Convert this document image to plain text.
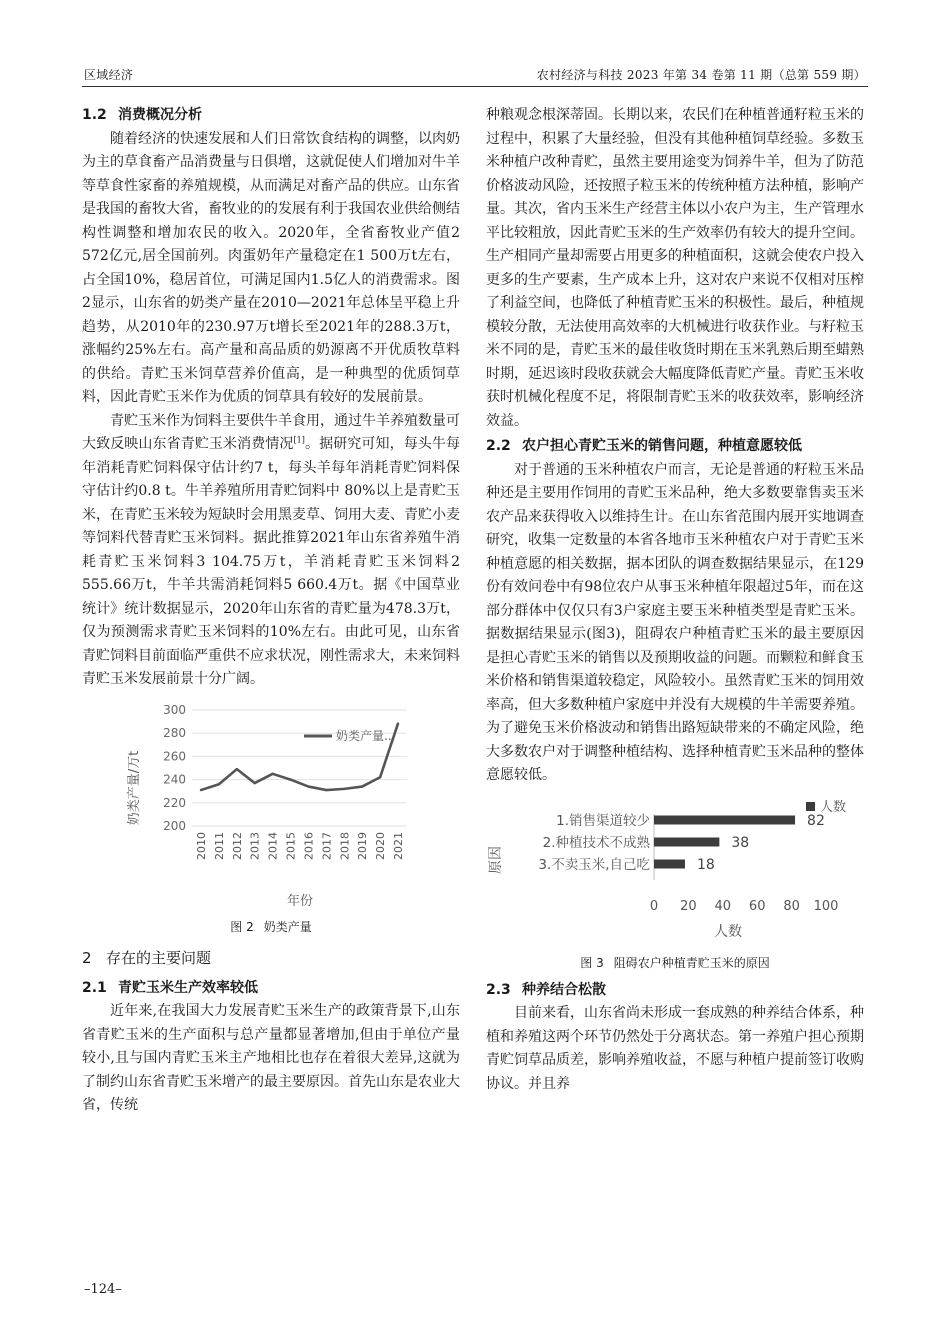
区域经济	农村经济与科技 2023 年第 34 卷第 11 期（总第 559 期）
1.2 消费概况分析

随着经济的快速发展和人们日常饮食结构的调整，以肉奶为主的草食畜产品消费量与日俱增，这就促使人们增加对牛羊等草食性家畜的养殖规模，从而满足对畜产品的供应。山东省是我国的畜牧大省，畜牧业的的发展有利于我国农业供给侧结构性调整和增加农民的收入。2020年，全省畜牧业产值2 572亿元,居全国前列。肉蛋奶年产量稳定在1 500万t左右，占全国10%，稳居首位，可满足国内1.5亿人的消费需求。图 2显示，山东省的奶类产量在2010—2021年总体呈平稳上升趋势，从2010年的230.97万t增长至2021年的288.3万t，涨幅约25%左右。高产量和高品质的奶源离不开优质牧草料的供给。青贮玉米饲草营养价值高，是一种典型的优质饲草料，因此青贮玉米作为优质的饲草具有较好的发展前景。

青贮玉米作为饲料主要供牛羊食用，通过牛羊养殖数量可大致反映山东省青贮玉米消费情况[1]。据研究可知，每头牛每年消耗青贮饲料保守估计约7 t，每头羊每年消耗青贮饲料保守估计约0.8 t。牛羊养殖所用青贮饲料中 80%以上是青贮玉米，在青贮玉米较为短缺时会用黑麦草、饲用大麦、青贮小麦等饲料代替青贮玉米饲料。据此推算2021年山东省养殖牛消耗青贮玉米饲料3 104.75万t，羊消耗青贮玉米饲料2 555.66万t，牛羊共需消耗饲料5 660.4万t。据《中国草业统计》统计数据显示，2020年山东省的青贮量为478.3万t，仅为预测需求青贮玉米饲料的10%左右。由此可见，山东省青贮饲料目前面临严重供不应求状况，刚性需求大，未来饲料青贮玉米发展前景十分广阔。

200
220
240
260
280
300
2010 2011 2012 2013 2014 2015 2016 2017 2018 2019 2020 2021
奶类产量/万t
年份
奶类产量...
图 2 奶类产量
2 存在的主要问题
2.1 青贮玉米生产效率较低

近年来,在我国大力发展青贮玉米生产的政策背景下,山东省青贮玉米的生产面积与总产量都显著增加,但由于单位产量较小,且与国内青贮玉米主产地相比也存在着很大差异,这就为了制约山东省青贮玉米增产的最主要原因。首先山东是农业大省，传统

种粮观念根深蒂固。长期以来，农民们在种植普通籽粒玉米的过程中，积累了大量经验，但没有其他种植饲草经验。多数玉米种植户改种青贮，虽然主要用途变为饲养牛羊，但为了防范价格波动风险，还按照子粒玉米的传统种植方法种植，影响产量。其次，省内玉米生产经营主体以小农户为主，生产管理水平比较粗放，因此青贮玉米的生产效率仍有较大的提升空间。生产相同产量却需要占用更多的种植面积，这就会使农户投入更多的生产要素，生产成本上升，这对农户来说不仅相对压榨了利益空间，也降低了种植青贮玉米的积极性。最后，种植规模较分散，无法使用高效率的大机械进行收获作业。与籽粒玉米不同的是，青贮玉米的最佳收货时期在玉米乳熟后期至蜡熟时期，延迟该时段收获就会大幅度降低青贮产量。青贮玉米收获时机械化程度不足，将限制青贮玉米的收获效率，影响经济效益。

2.2 农户担心青贮玉米的销售问题，种植意愿较低

对于普通的玉米种植农户而言，无论是普通的籽粒玉米品种还是主要用作饲用的青贮玉米品种，绝大多数要靠售卖玉米农产品来获得收入以维持生计。在山东省范围内展开实地调查研究，收集一定数量的本省各地市玉米种植农户对于青贮玉米种植意愿的相关数据，据本团队的调查数据结果显示，在129份有效问卷中有98位农户从事玉米种植年限超过5年，而在这部分群体中仅仅只有3户家庭主要玉米种植类型是青贮玉米。据数据结果显示(图3)，阻碍农户种植青贮玉米的最主要原因是担心青贮玉米的销售以及预期收益的问题。而颗粒和鲜食玉米价格和销售渠道较稳定，风险较小。虽然青贮玉米的饲用效率高，但大多数种植户家庭中并没有大规模的牛羊需要养殖。为了避免玉米价格波动和销售出路短缺带来的不确定风险，绝大多数农户对于调整种植结构、选择种植青贮玉米品种的整体意愿较低。

人数
原因
人数
1.销售渠道较少	82
2.种植技术不成熟	38
3.不卖玉米,自己吃	18
0 20 40 60 80 100
图 3 阻碍农户种植青贮玉米的原因
2.3 种养结合松散

目前来看，山东省尚未形成一套成熟的种养结合体系，种植和养殖这两个环节仍然处于分离状态。第一养殖户担心预期青贮饲草品质差，影响养殖收益，不愿与种植户提前签订收购协议。并且养

–124–
